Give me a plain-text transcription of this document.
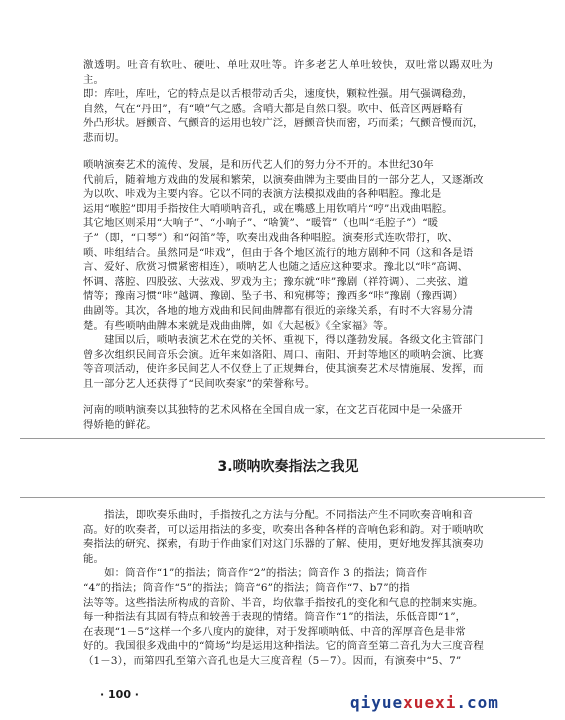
激透明。吐音有软吐、硬吐、单吐双吐等。许多老艺人单吐较快，双吐常以踢双吐为主。
即：库吐，库吐，它的特点是以舌根带动舌尖，速度快，颗粒性强。用气强调稳劲，
自然，气在“丹田”，有“喷”气之感。含哨大都是自然口裂。吹中、低音区两唇略有
外凸形状。唇颤音、气颤音的运用也较广泛，唇颤音快而密，巧而柔；气颤音慢而沉，
悲而切。
唢呐演奏艺术的流传、发展，是和历代艺人们的努力分不开的。本世纪30年
代前后，随着地方戏曲的发展和繁荣，以演奏曲牌为主要曲目的一部分艺人，又逐渐改
为以吹、咔戏为主要内容。它以不同的表演方法模拟戏曲的各种唱腔。豫北是
运用“喉腔”即用手指按住大哨唢呐音孔，或在嘴感上用钦哨片“哼”出戏曲唱腔。
其它地区则采用“大响子”、“小响子”、“啥簧”、“暖管”（也叫“毛腔子”）“暖
子”（即，“口琴”）和“闷笛”等，吹奏出戏曲各种唱腔。演奏形式连吹带打，吹、
唢、咔组结合。虽然同是“咔戏”，但由于各个地区流行的地方剧种不同（这和各是语
言、爱好、欣赏习惯紧密相连），唢呐艺人也随之适应这种要求。豫北以“咔”高调、
怀调、落腔、四股弦、大弦戏、罗戏为主；豫东就“咔”豫剧（祥符调）、二夹弦、道
情等；豫南习惯“咔”越调、豫剧、坠子书、和宛梆等；豫西多“咔”豫剧（豫西调）
曲剧等。其次，各地的地方戏曲和民间曲牌都有很近的亲缘关系，有时不大容易分清
楚。有些唢呐曲牌本来就是戏曲曲牌，如《大起板》《全家福》等。
　　建国以后，唢呐表演艺术在党的关怀、重视下，得以蓬勃发展。各级文化主管部门
曾多次组织民间音乐会演。近年来如洛阳、周口、南阳、开封等地区的唢呐会演、比赛
等音项活动，使许多民间艺人不仅登上了正规舞台，使其演奏艺术尽情施展、发挥，而
且一部分艺人还获得了“民间吹奏家”的荣誉称号。
河南的唢呐演奏以其独特的艺术风格在全国自成一家，在文艺百花园中是一朵盛开
得娇艳的鲜花。
3.唢呐吹奏指法之我见
　　指法，即吹奏乐曲时，手指按孔之方法与分配。不同指法产生不同吹奏音响和音
高。好的吹奏者，可以运用指法的多变，吹奏出各种各样的音响色彩和韵。对于唢呐吹
奏指法的研究、探索，有助于作曲家们对这门乐器的了解、使用，更好地发挥其演奏功
能。
　　如：筒音作“1”的指法；筒音作“2”的指法；筒音作 3 的指法；筒音作
“4”的指法；筒音作“5”的指法；筒音“6”的指法；筒音作“7、b7”的指
法等等。这些指法所构成的音阶、半音，均依靠手指按孔的变化和气息的控制来实施。
每一种指法有其固有特点和较善于表现的情绪。筒音作“1”的指法，乐低音即“1”，
在表现“1－5”这样一个多八度内的旋律，对于发挥唢呐低、中音的浑厚音色是非常
好的。我国很多戏曲中的“简场”均是运用这种指法。它的筒音至第二音孔为大三度音程
（1－3），而第四孔至第六音孔也是大三度音程（5－7）。因而，有演奏中“5、7”
· 100 ·	qiyuexuexi.com
